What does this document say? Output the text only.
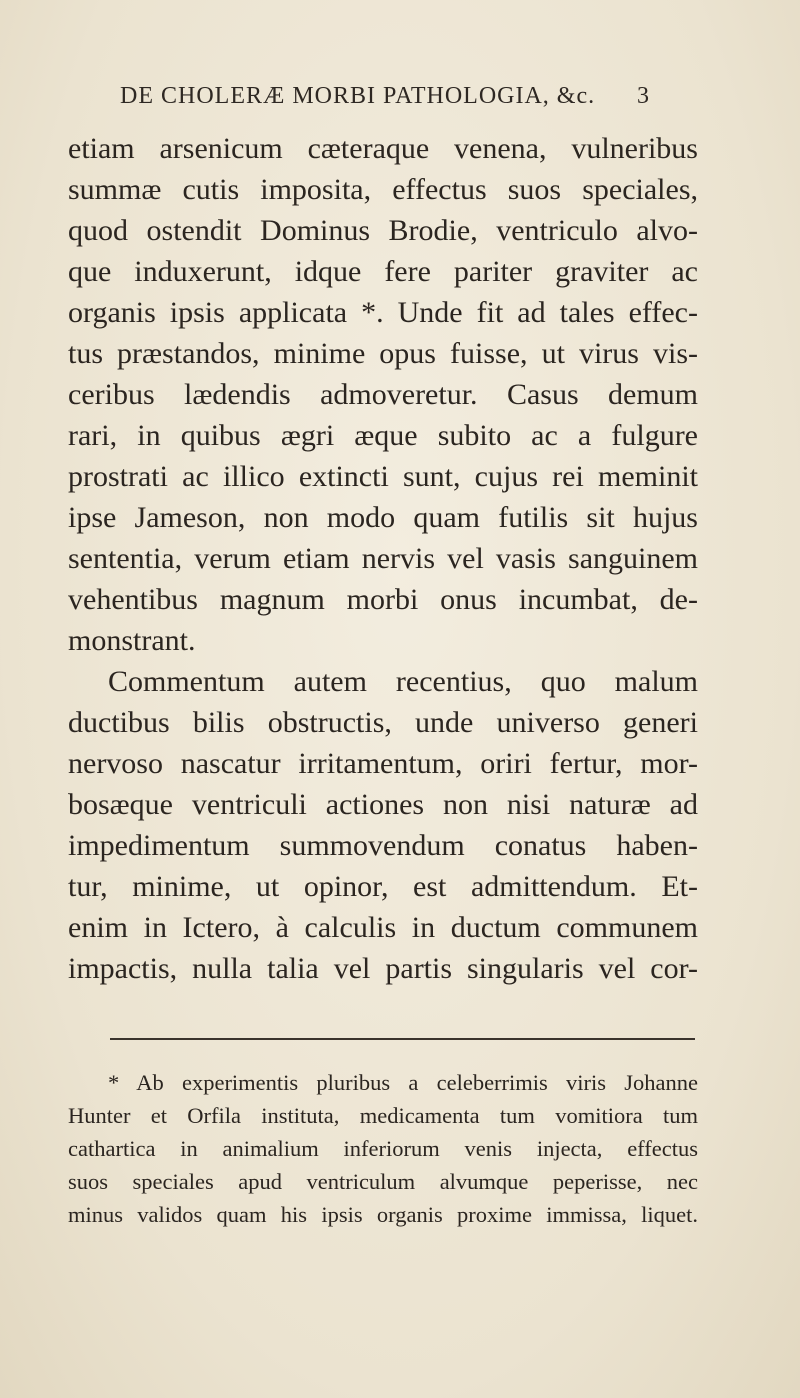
DE CHOLERÆ MORBI PATHOLOGIA, &c. 3
etiam arsenicum cæteraque venena, vulneribus
summæ cutis imposita, effectus suos speciales,
quod ostendit Dominus Brodie, ventriculo alvo-
que induxerunt, idque fere pariter graviter ac
organis ipsis applicata *. Unde fit ad tales effec-
tus præstandos, minime opus fuisse, ut virus vis-
ceribus lædendis admoveretur. Casus demum
rari, in quibus ægri æque subito ac a fulgure
prostrati ac illico extincti sunt, cujus rei meminit
ipse Jameson, non modo quam futilis sit hujus
sententia, verum etiam nervis vel vasis sanguinem
vehentibus magnum morbi onus incumbat, de-
monstrant.
Commentum autem recentius, quo malum
ductibus bilis obstructis, unde universo generi
nervoso nascatur irritamentum, oriri fertur, mor-
bosæque ventriculi actiones non nisi naturæ ad
impedimentum summovendum conatus haben-
tur, minime, ut opinor, est admittendum. Et-
enim in Ictero, à calculis in ductum communem
impactis, nulla talia vel partis singularis vel cor-
* Ab experimentis pluribus a celeberrimis viris Johanne
Hunter et Orfila instituta, medicamenta tum vomitiora tum
cathartica in animalium inferiorum venis injecta, effectus
suos speciales apud ventriculum alvumque peperisse, nec
minus validos quam his ipsis organis proxime immissa, liquet.
